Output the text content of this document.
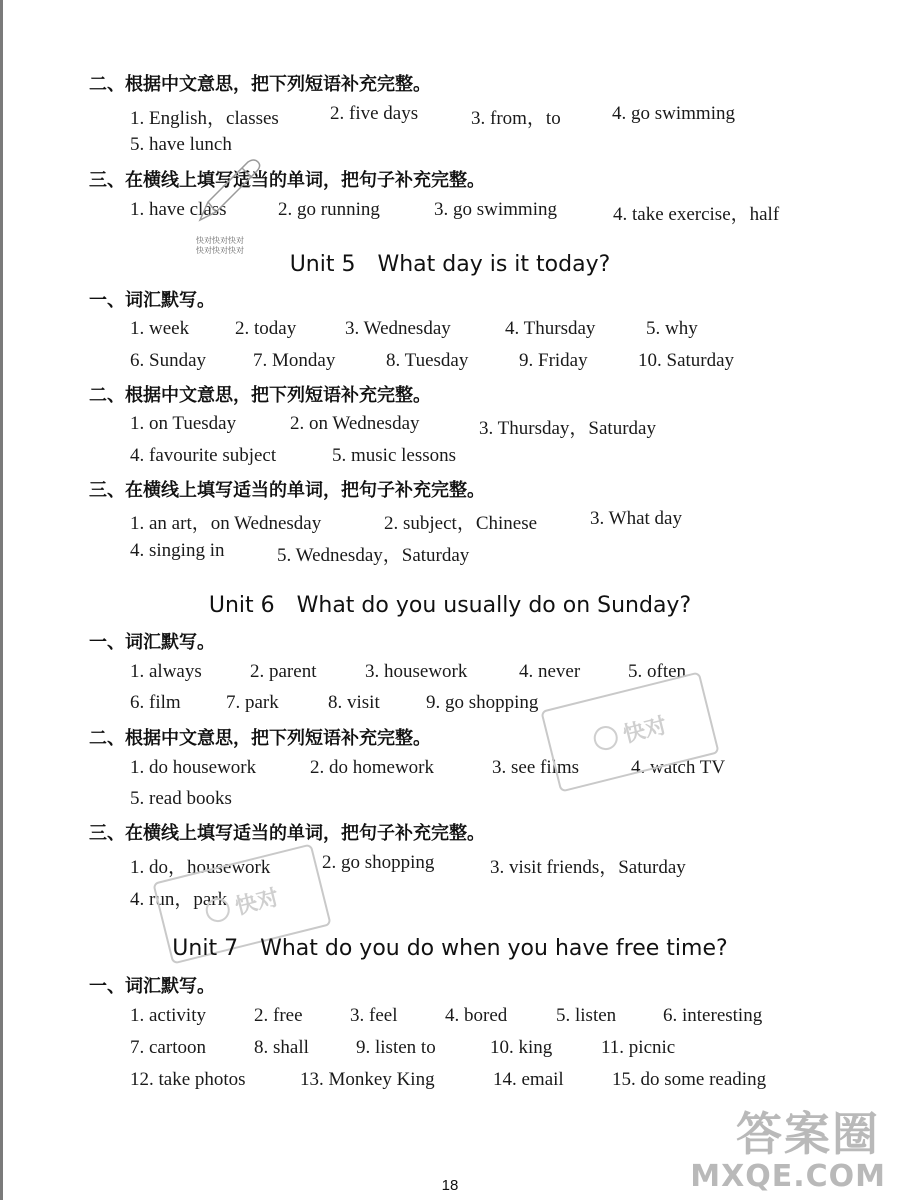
二、根据中文意思，把下列短语补充完整。
1. English，classes	2. five days	3. from，to	4. go swimming
5. have lunch
三、在横线上填写适当的单词，把句子补充完整。
1. have class	2. go running	3. go swimming	4. take exercise，half
快对快对快对
快对快对快对
Unit 5 What day is it today?
一、词汇默写。
1. week 2. today	3. Wednesday	4. Thursday	5. why
6. Sunday 7. Monday	8. Tuesday	9. Friday	10. Saturday
二、根据中文意思，把下列短语补充完整。
1. on Tuesday	2. on Wednesday	3. Thursday，Saturday
4. favourite subject	5. music lessons
三、在横线上填写适当的单词，把句子补充完整。
1. an art，on Wednesday	2. subject，Chinese	3. What day
4. singing in	5. Wednesday，Saturday
Unit 6 What do you usually do on Sunday?
一、词汇默写。
1. always	2. parent	3. housework	4. never	5. often
6. film 7. park	8. visit 9. go shopping
二、根据中文意思，把下列短语补充完整。
1. do housework	2. do homework	3. see films	4. watch TV
5. read books
三、在横线上填写适当的单词，把句子补充完整。
1. do，housework	2. go shopping	3. visit friends，Saturday
4. run，park
快对
快对
Unit 7 What do you do when you have free time?
一、词汇默写。
1. activity	2. free 3. feel	4. bored	5. listen 6. interesting
7. cartoon	8. shall 9. listen to	10. king	11. picnic
12. take photos	13. Monkey King	14. email	15. do some reading
答案圈
MXQE.COM
18
